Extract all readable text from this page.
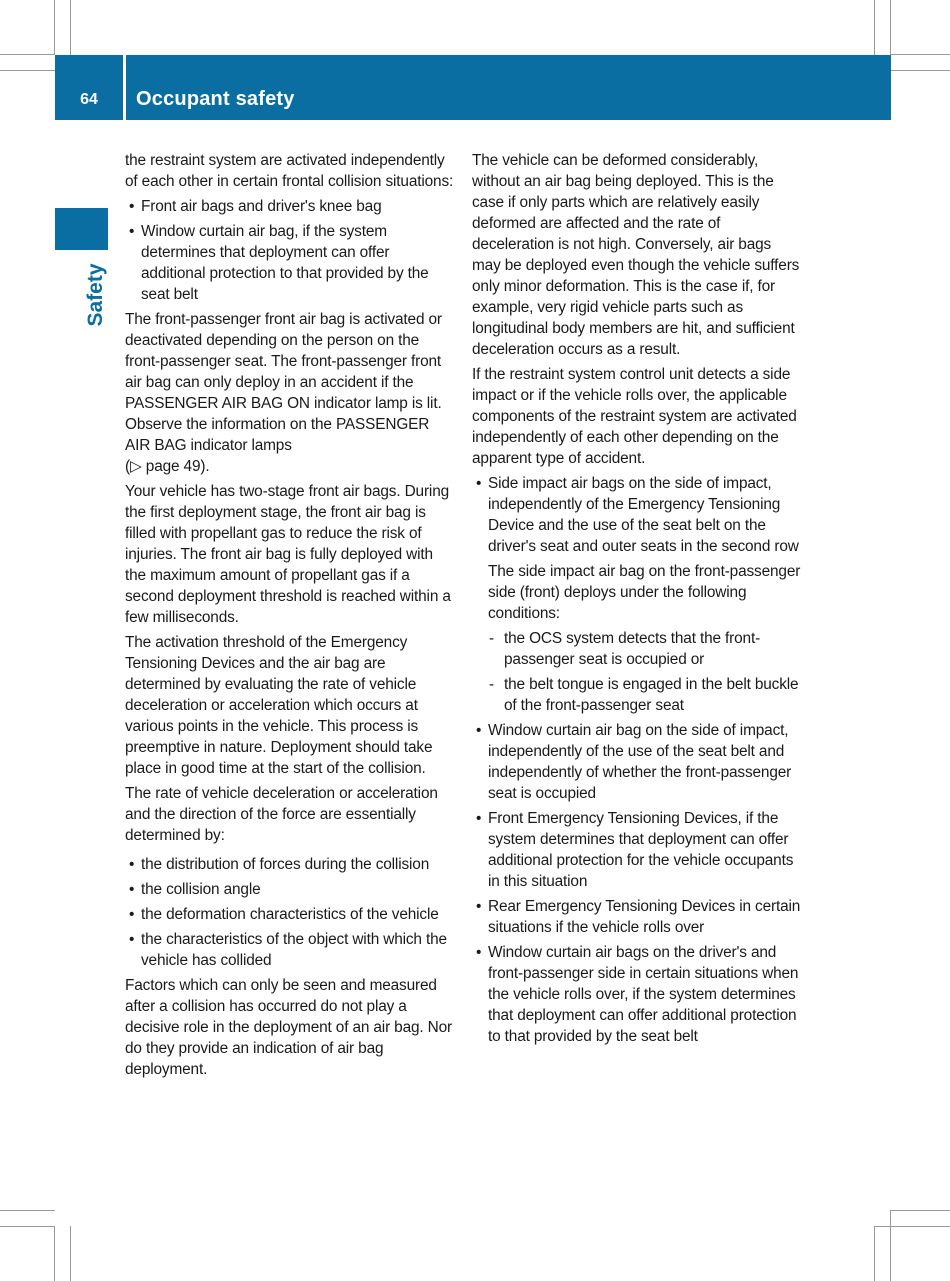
64	Occupant safety
Safety

the restraint system are activated independently of each other in certain frontal collision situations:

• Front air bags and driver's knee bag
• Window curtain air bag, if the system determines that deployment can offer additional protection to that provided by the seat belt

The front-passenger front air bag is activated or deactivated depending on the person on the front-passenger seat. The front-passenger front air bag can only deploy in an accident if the PASSENGER AIR BAG ON indicator lamp is lit. Observe the information on the PASSENGER AIR BAG indicator lamps
(▷ page 49).

Your vehicle has two-stage front air bags. During the first deployment stage, the front air bag is filled with propellant gas to reduce the risk of injuries. The front air bag is fully deployed with the maximum amount of propellant gas if a second deployment threshold is reached within a few milliseconds.

The activation threshold of the Emergency Tensioning Devices and the air bag are determined by evaluating the rate of vehicle deceleration or acceleration which occurs at various points in the vehicle. This process is preemptive in nature. Deployment should take place in good time at the start of the collision.

The rate of vehicle deceleration or acceleration and the direction of the force are essentially determined by:

• the distribution of forces during the collision
• the collision angle
• the deformation characteristics of the vehicle
• the characteristics of the object with which the vehicle has collided

Factors which can only be seen and measured after a collision has occurred do not play a decisive role in the deployment of an air bag. Nor do they provide an indication of air bag deployment.

The vehicle can be deformed considerably, without an air bag being deployed. This is the case if only parts which are relatively easily deformed are affected and the rate of deceleration is not high. Conversely, air bags may be deployed even though the vehicle suffers only minor deformation. This is the case if, for example, very rigid vehicle parts such as longitudinal body members are hit, and sufficient deceleration occurs as a result.

If the restraint system control unit detects a side impact or if the vehicle rolls over, the applicable components of the restraint system are activated independently of each other depending on the apparent type of accident.

• Side impact air bags on the side of impact, independently of the Emergency Tensioning Device and the use of the seat belt on the driver's seat and outer seats in the second row

The side impact air bag on the front-passenger side (front) deploys under the following conditions:

- the OCS system detects that the front-passenger seat is occupied or
- the belt tongue is engaged in the belt buckle of the front-passenger seat
• Window curtain air bag on the side of impact, independently of the use of the seat belt and independently of whether the front-passenger seat is occupied
• Front Emergency Tensioning Devices, if the system determines that deployment can offer additional protection for the vehicle occupants in this situation
• Rear Emergency Tensioning Devices in certain situations if the vehicle rolls over
• Window curtain air bags on the driver's and front-passenger side in certain situations when the vehicle rolls over, if the system determines that deployment can offer additional protection to that provided by the seat belt
